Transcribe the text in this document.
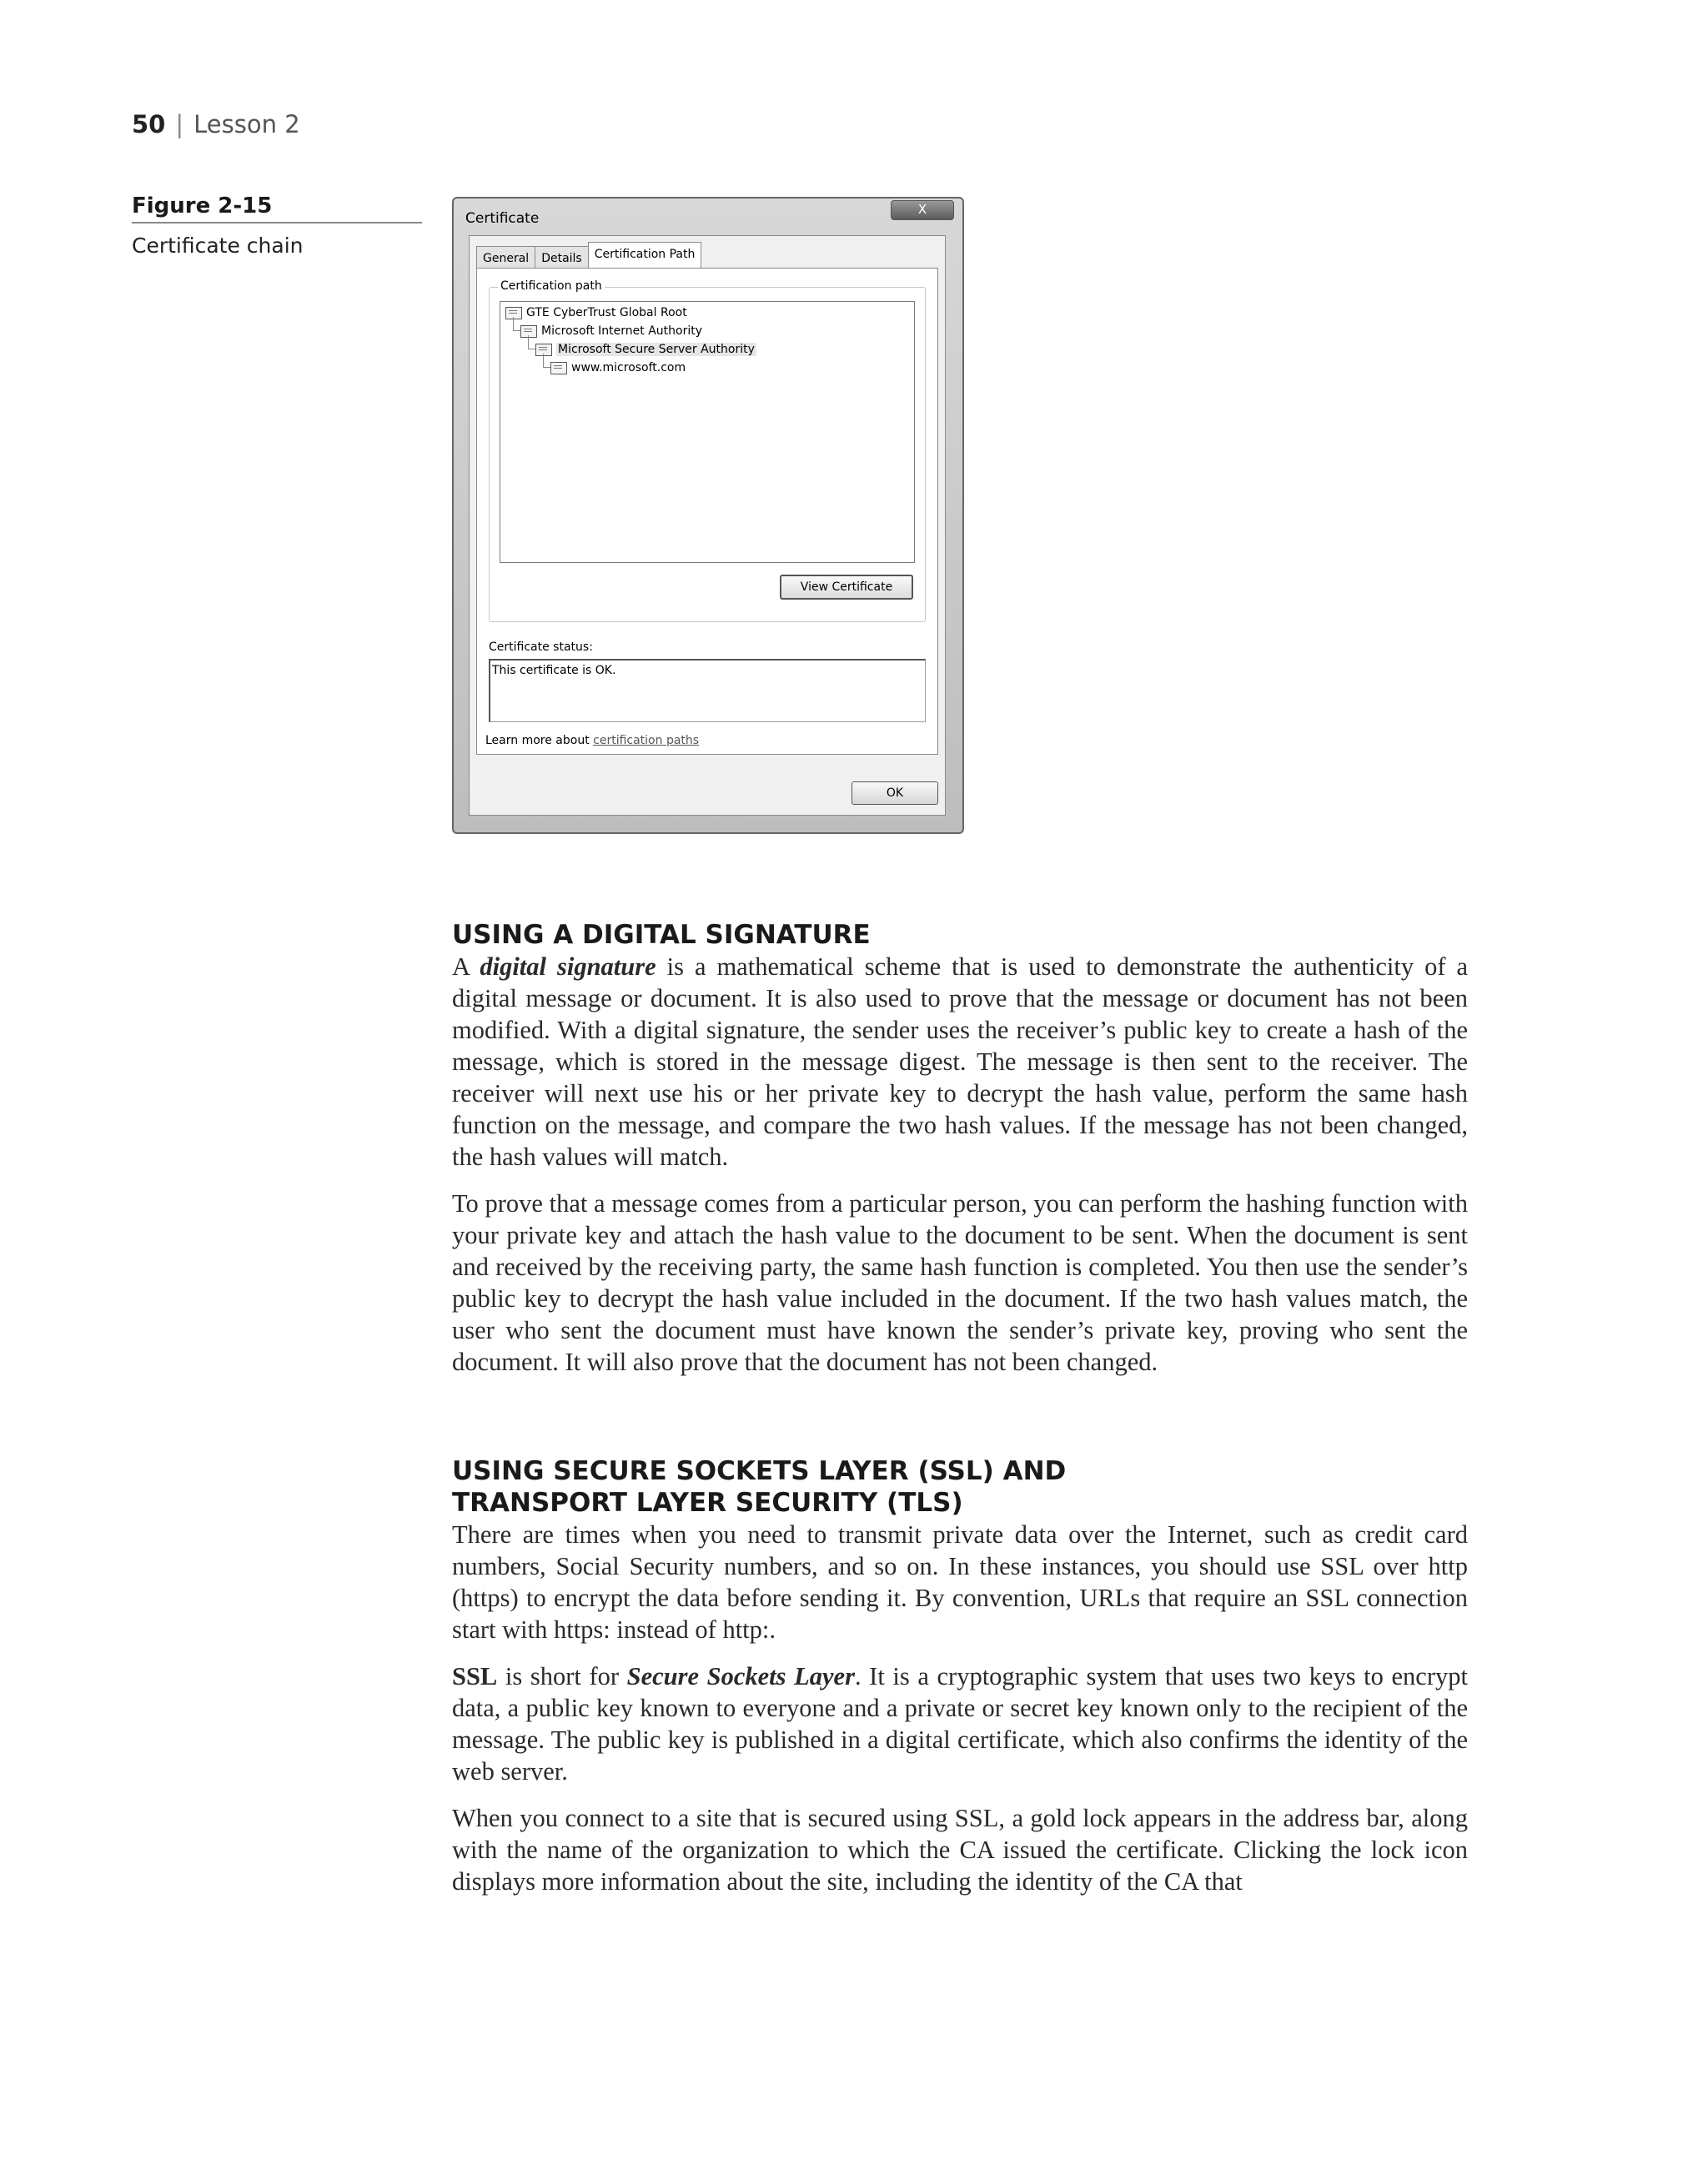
50 | Lesson 2
Figure 2-15
Certificate chain
Certificate
X
General Details Certification Path
Certification path
GTE CyberTrust Global Root
Microsoft Internet Authority
Microsoft Secure Server Authority
www.microsoft.com
View Certificate
Certificate status:
This certificate is OK.
Learn more about certification paths
OK
USING A DIGITAL SIGNATURE

A digital signature is a mathematical scheme that is used to demonstrate the authenticity of a digital message or document. It is also used to prove that the message or document has not been modified. With a digital signature, the sender uses the receiver’s public key to create a hash of the message, which is stored in the message digest. The message is then sent to the receiver. The receiver will next use his or her private key to decrypt the hash value, perform the same hash function on the message, and compare the two hash values. If the message has not been changed, the hash values will match.

To prove that a message comes from a particular person, you can perform the hashing function with your private key and attach the hash value to the document to be sent. When the document is sent and received by the receiving party, the same hash function is completed. You then use the sender’s public key to decrypt the hash value included in the document. If the two hash values match, the user who sent the document must have known the sender’s private key, proving who sent the document. It will also prove that the document has not been changed.

USING SECURE SOCKETS LAYER (SSL) AND
TRANSPORT LAYER SECURITY (TLS)

There are times when you need to transmit private data over the Internet, such as credit card numbers, Social Security numbers, and so on. In these instances, you should use SSL over http (https) to encrypt the data before sending it. By convention, URLs that require an SSL connection start with https: instead of http:.

SSL is short for Secure Sockets Layer. It is a cryptographic system that uses two keys to encrypt data, a public key known to everyone and a private or secret key known only to the recipient of the message. The public key is published in a digital certificate, which also confirms the identity of the web server.

When you connect to a site that is secured using SSL, a gold lock appears in the address bar, along with the name of the organization to which the CA issued the certificate. Clicking the lock icon displays more information about the site, including the identity of the CA that
